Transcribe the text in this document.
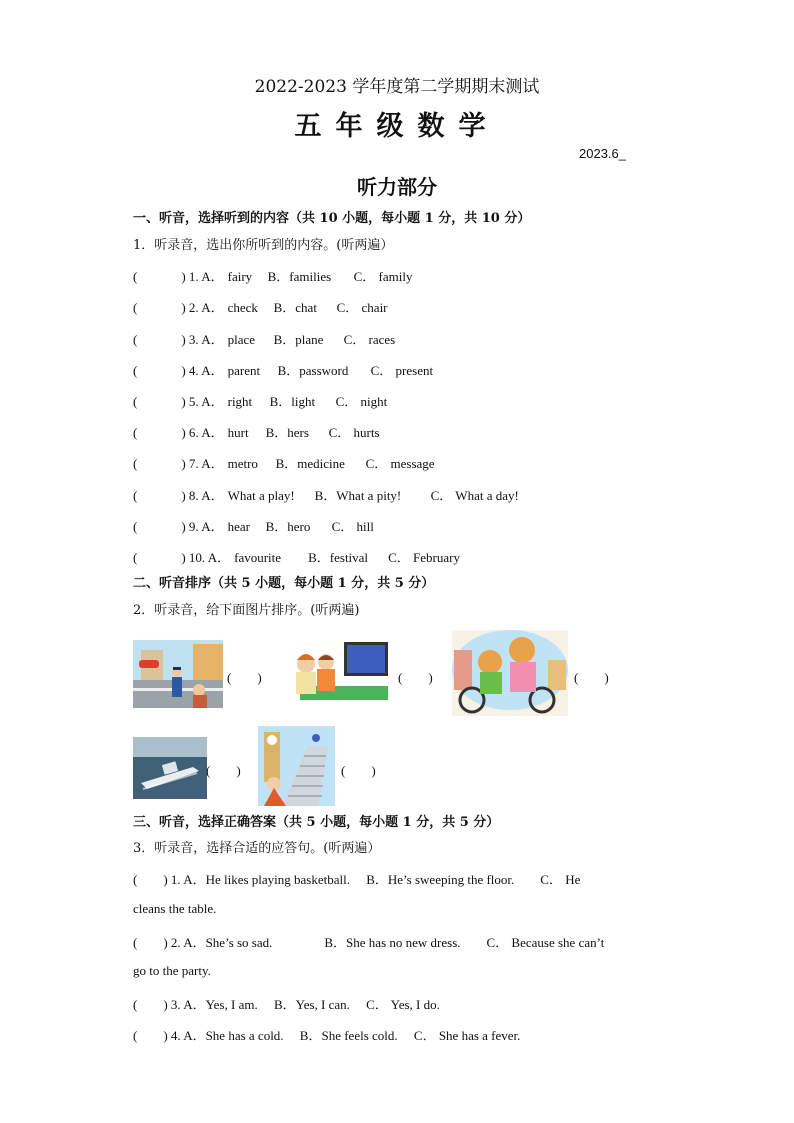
2022-2023 学年度第二学期期末测试
五年级数学
2023.6_
听力部分
一、听音，选择听到的内容（共 10 小题，每小题 1 分，共 10 分）
1．听录音，选出你所听到的内容。(听两遍）
(	) 1. A． fairy B．families C． family
(	) 2. A． check B．chat C． chair
(	) 3. A． place B．plane C． races
(	) 4. A． parent B．password C． present
(	) 5. A． right B．light C． night
(	) 6. A． hurt B．hers C． hurts
(	) 7. A． metro B．medicine C． message
(	) 8. A． What a play! B．What a pity! C． What a day!
(	) 9. A． hear B．hero C． hill
(	) 10. A． favourite B．festival C． February
二、听音排序（共 5 小题，每小题 1 分，共 5 分）
2．听录音，给下面图片排序。(听两遍)
(　　)	(　　)	(　　)
(　　)	(　　)
三、听音，选择正确答案（共 5 小题，每小题 1 分，共 5 分）
3．听录音，选择合适的应答句。(听两遍）
(　　) 1. A．He likes playing basketball.　 B．He’s sweeping the floor.　　C． He
cleans the table.
(　　) 2. A．She’s so sad.　　　　B．She has no new dress.　　C． Because she can’t
go to the party.
(　　) 3. A．Yes, I am.　 B．Yes, I can.　 C． Yes, I do.
(　　) 4. A．She has a cold.　 B．She feels cold.　 C． She has a fever.
